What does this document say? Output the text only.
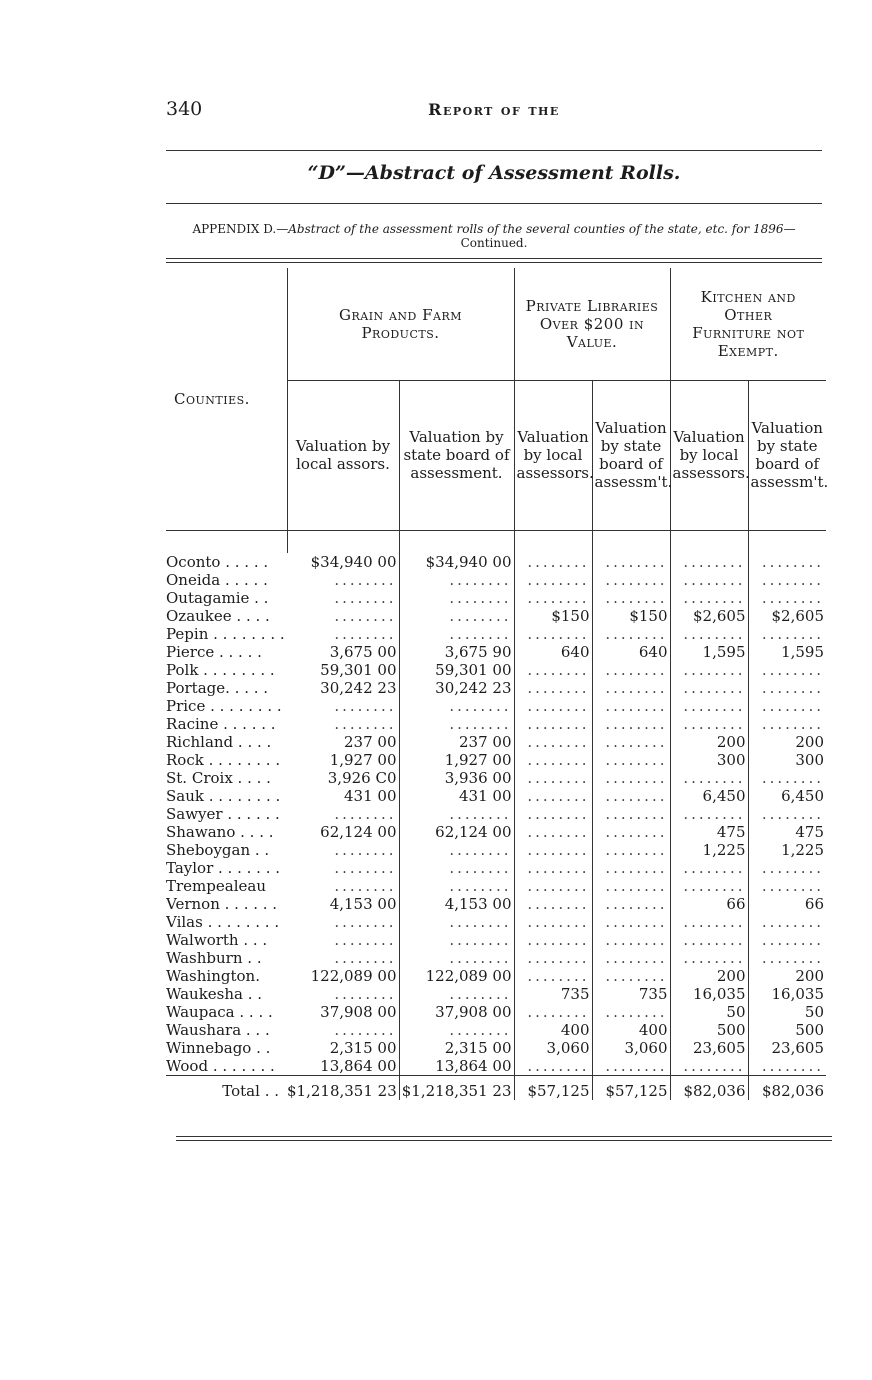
340	Report of the
“D”—Abstract of Assessment Rolls.
APPENDIX D.—Abstract of the assessment rolls of the several counties of the state, etc. for 1896—Continued.
Counties.	Grain and Farm Products.		Private Libraries Over $200 in Value.		Kitchen and Other Furniture not Exempt.	
	Valuation by local assors.	Valuation by state board of assessment.	Valuation by local assessors.	Valuation by state board of assessm't.	Valuation by local assessors.	Valuation by state board of assessm't.

Oconto . . . . .	$34,940 00	$34,940 00	........	........	........	........
Oneida . . . . .	........	........	........	........	........	........
Outagamie . .	........	........	........	........	........	........
Ozaukee . . . .	........	........	$150	$150	$2,605	$2,605
Pepin . . . . . . . .	........	........	........	........	........	........
Pierce . . . . .	3,675 00	3,675 90	640	640	1,595	1,595
Polk . . . . . . . .	59,301 00	59,301 00	........	........	........	........
Portage. . . . .	30,242 23	30,242 23	........	........	........	........
Price . . . . . . . .	........	........	........	........	........	........
Racine . . . . . .	........	........	........	........	........	........
Richland . . . .	237 00	237 00	........	........	200	200
Rock . . . . . . . .	1,927 00	1,927 00	........	........	300	300
St. Croix . . . .	3,926 C0	3,936 00	........	........	........	........
Sauk . . . . . . . .	431 00	431 00	........	........	6,450	6,450
Sawyer . . . . . .	........	........	........	........	........	........
Shawano . . . .	62,124 00	62,124 00	........	........	475	475
Sheboygan . .	........	........	........	........	1,225	1,225
Taylor . . . . . . .	........	........	........	........	........	........
Trempealeau	........	........	........	........	........	........
Vernon . . . . . .	4,153 00	4,153 00	........	........	66	66
Vilas . . . . . . . .	........	........	........	........	........	........
Walworth . . .	........	........	........	........	........	........
Washburn . .	........	........	........	........	........	........
Washington.	122,089 00	122,089 00	........	........	200	200
Waukesha . .	........	........	735	735	16,035	16,035
Waupaca . . . .	37,908 00	37,908 00	........	........	50	50
Waushara . . .	........	........	400	400	500	500
Winnebago . .	2,315 00	2,315 00	3,060	3,060	23,605	23,605
Wood . . . . . . .	13,864 00	13,864 00	........	........	........	........
Total . .	$1,218,351 23	$1,218,351 23	$57,125	$57,125	$82,036	$82,036
